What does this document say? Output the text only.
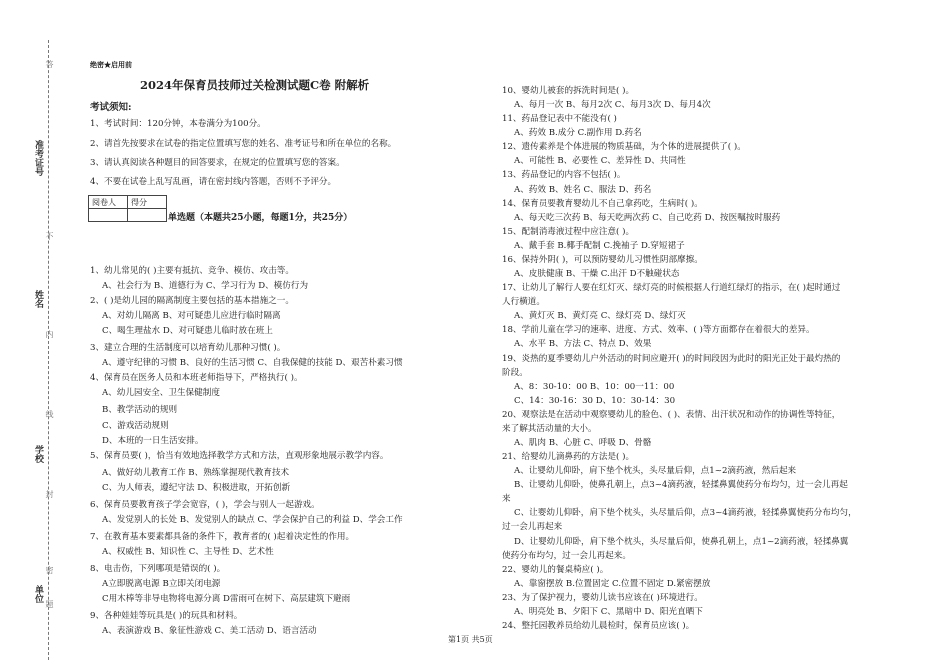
准考证号
姓名
学校
单位
答
不
内
线
封
密
题
绝密★启用前
2024年保育员技师过关检测试题C卷 附解析
考试须知:
1、考试时间：120分钟，本卷满分为100分。
2、请首先按要求在试卷的指定位置填写您的姓名、准考证号和所在单位的名称。
3、请认真阅读各种题目的回答要求，在规定的位置填写您的答案。
4、不要在试卷上乱写乱画，请在密封线内答题，否则不予评分。
阅卷人	得分

单选题（本题共25小题，每题1分，共25分）
1、幼儿常见的( )主要有抵抗、竞争、模仿、攻击等。
A、社会行为 B、道德行为 C、学习行为 D、模仿行为
2、( )是幼儿园的隔离制度主要包括的基本措施之一。
A、对幼儿隔离 B、对可疑患儿应进行临时隔离
C、喝生理盐水 D、对可疑患儿临时放在班上
3、建立合理的生活制度可以培育幼儿那种习惯( )。
A、遵守纪律的习惯 B、良好的生活习惯 C、自我保健的技能 D、艰苦朴素习惯
4、保育员在医务人员和本班老师指导下，严格执行( )。
A、幼儿园安全、卫生保健制度
B、教学活动的规则
C、游戏活动规则
D、本班的一日生活安排。
5、保育员要( )，恰当有效地选择教学方式和方法，直观形象地展示教学内容。
A、做好幼儿教育工作 B、熟练掌握现代教育技术
C、为人师表，遵纪守法 D、积极进取，开拓创新
6、保育员要教育孩子学会宽容，( )，学会与别人一起游戏。
A、发觉别人的长处 B、发觉别人的缺点 C、学会保护自己的利益 D、学会工作
7、在教育基本要素都具备的条件下，教育者的( )起着决定性的作用。
A、权威性 B、知识性 C、主导性 D、艺术性
8、电击伤，下列哪项是错误的( )。
A立即脱离电源 B立即关闭电源
C用木棒等非导电物将电源分离 D雷雨可在树下、高层建筑下避雨
9、各种娃娃等玩具是( )的玩具和材料。
A、表演游戏 B、象征性游戏 C、美工活动 D、语言活动
10、婴幼儿被套的拆洗时间是( )。
A、每月一次 B、每月2次 C、每月3次 D、每月4次
11、药品登记表中不能没有( )
A、药效 B.成分 C.副作用 D.药名
12、遗传素养是个体进展的物质基础，为个体的进展提供了( )。
A、可能性 B、必要性 C、差异性 D、共同性
13、药品登记的内容不包括( )。
A、药效 B、姓名 C、服法 D、药名
14、保育员要教育婴幼儿不自己拿药吃，生病时( )。
A、每天吃三次药 B、每天吃两次药 C、自己吃药 D、按医嘱按时服药
15、配制消毒液过程中应注意( )。
A、戴手套 B.椰手配制 C.挽袖子 D.穿短裙子
16、保持外阴( )，可以预防婴幼儿习惯性阴部摩擦。
A、皮肤健康 B、干燥 C.出汗 D不触碰状态
17、让幼儿了解行人要在红灯灭、绿灯亮的时候根据人行道红绿灯的指示，在( )起时通过
人行横道。
A、黄灯灭 B、黄灯亮 C、绿灯亮 D、绿灯灭
18、学前儿童在学习的速率、进度、方式、效率、( )等方面都存在着很大的差异。
A、水平 B、方法 C、特点 D、效果
19、炎热的夏季婴幼儿户外活动的时间应避开( )的时间段因为此时的阳光正处于最灼热的
阶段。
A、8：30-10：00 B、10：00一11：00
C、14：30-16：30 D、10：30-14：30
20、观察法是在活动中观察婴幼儿的脸色、( )、表情、出汗状况和动作的协调性等特征，
来了解其活动量的大小。
A、肌肉 B、心脏 C、呼吸 D、骨骼
21、给婴幼儿滴鼻药的方法是( )。
A、让婴幼儿仰卧，肩下垫个枕头，头尽量后仰，点1~2滴药液，然后起来
B、让婴幼儿仰卧，使鼻孔朝上，点3~4滴药液，轻揉鼻翼使药分布均匀，过一会儿再起
来
C、让婴幼儿仰卧，肩下垫个枕头，头尽量后仰，点3~4滴药液，轻揉鼻翼使药分布均匀，
过一会儿再起来
D、让婴幼儿仰卧，肩下垫个枕头，头尽量后仰，使鼻孔朝上，点1~2滴药液，轻揉鼻翼
使药分布均匀，过一会儿再起来。
22、婴幼儿的餐桌椅应( )。
A、靠窗摆放 B.位置固定 C.位置不固定 D.紧密摆放
23、为了保护视力，婴幼儿读书应该在( )环境进行。
A、明亮处 B、夕阳下 C、黑暗中 D、阳光直晒下
24、整托园教养员给幼儿晨检时，保育员应该( )。
第1页 共5页
